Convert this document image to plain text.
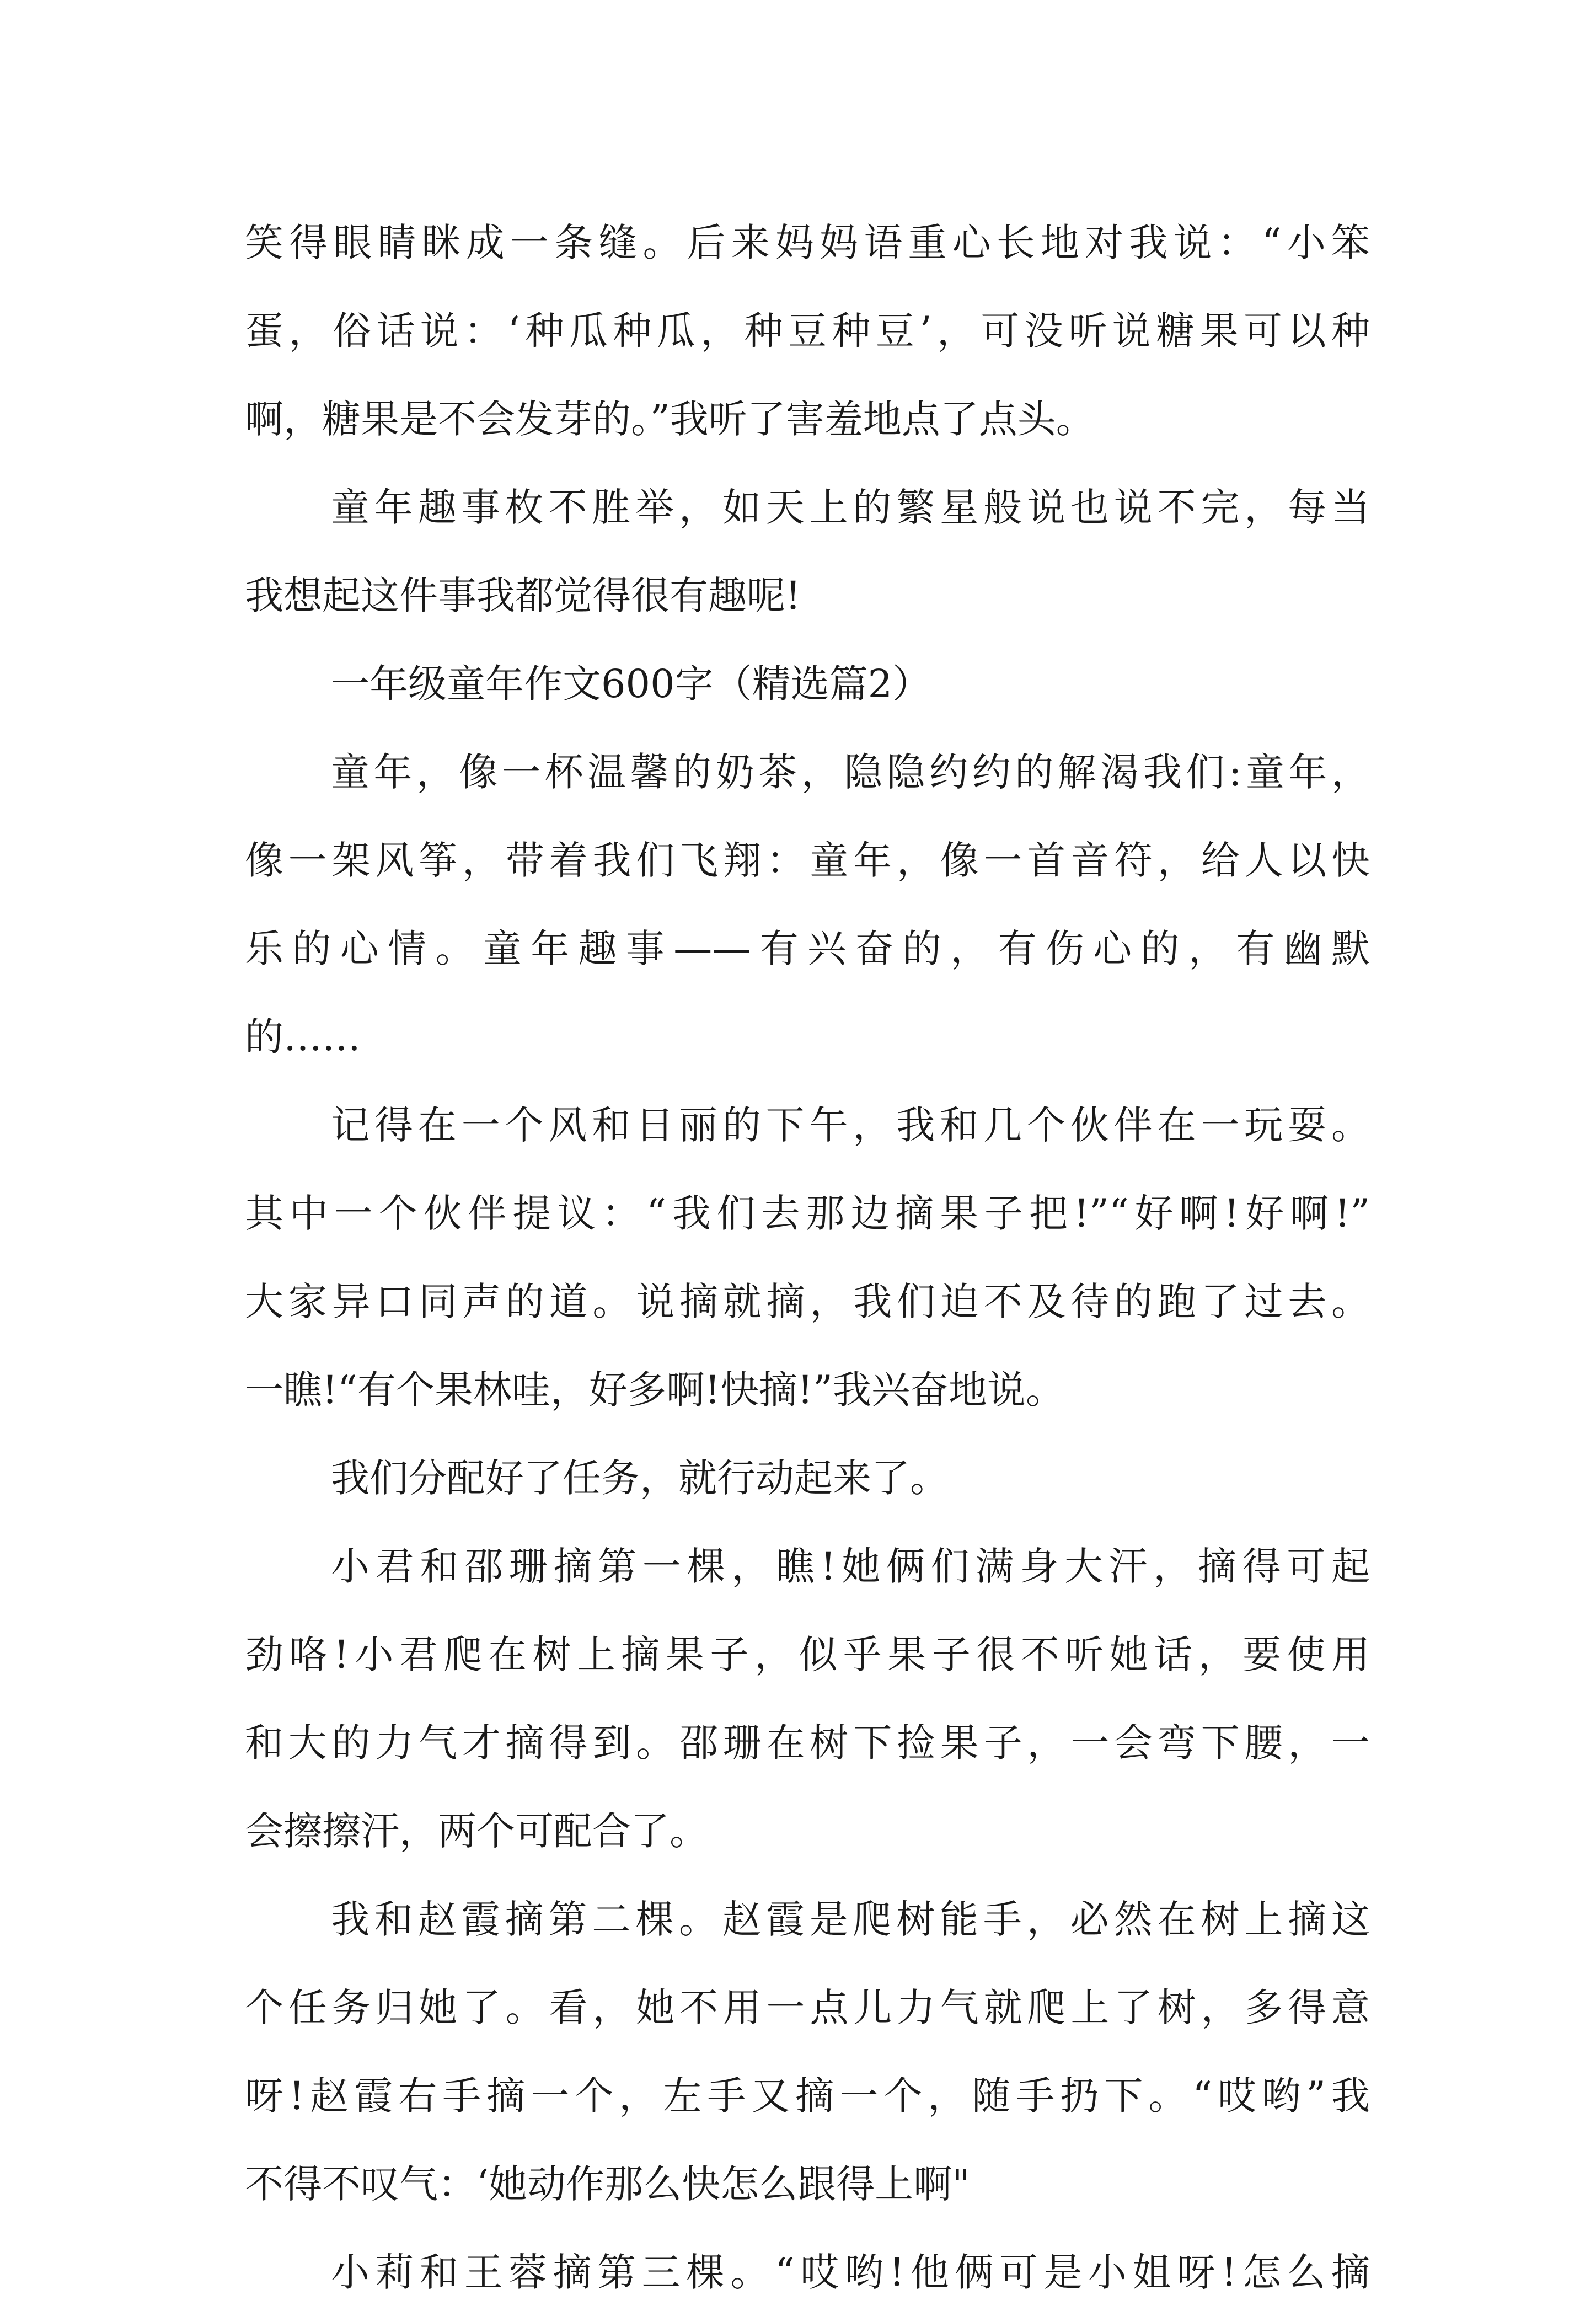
笑得眼睛眯成一条缝。后来妈妈语重心长地对我说：“小笨
蛋，俗话说：‘种瓜种瓜，种豆种豆’，可没听说糖果可以种
啊，糖果是不会发芽的。”我听了害羞地点了点头。
童年趣事枚不胜举，如天上的繁星般说也说不完，每当
我想起这件事我都觉得很有趣呢!
一年级童年作文600字（精选篇2）
童年，像一杯温馨的奶茶，隐隐约约的解渴我们:童年，
像一架风筝，带着我们飞翔：童年，像一首音符，给人以快
乐的心情。童年趣事——有兴奋的，有伤心的，有幽默
的……
记得在一个风和日丽的下午，我和几个伙伴在一玩耍。
其中一个伙伴提议：“我们去那边摘果子把!”“好啊!好啊!”
大家异口同声的道。说摘就摘，我们迫不及待的跑了过去。
一瞧!“有个果林哇，好多啊!快摘!”我兴奋地说。
我们分配好了任务，就行动起来了。
小君和邵珊摘第一棵，瞧!她俩们满身大汗，摘得可起
劲咯!小君爬在树上摘果子，似乎果子很不听她话，要使用
和大的力气才摘得到。邵珊在树下捡果子，一会弯下腰，一
会擦擦汗，两个可配合了。
我和赵霞摘第二棵。赵霞是爬树能手，必然在树上摘这
个任务归她了。看，她不用一点儿力气就爬上了树，多得意
呀!赵霞右手摘一个，左手又摘一个，随手扔下。“哎哟”我
不得不叹气：‘她动作那么快怎么跟得上啊"
小莉和王蓉摘第三棵。“哎哟!他俩可是小姐呀!怎么摘
